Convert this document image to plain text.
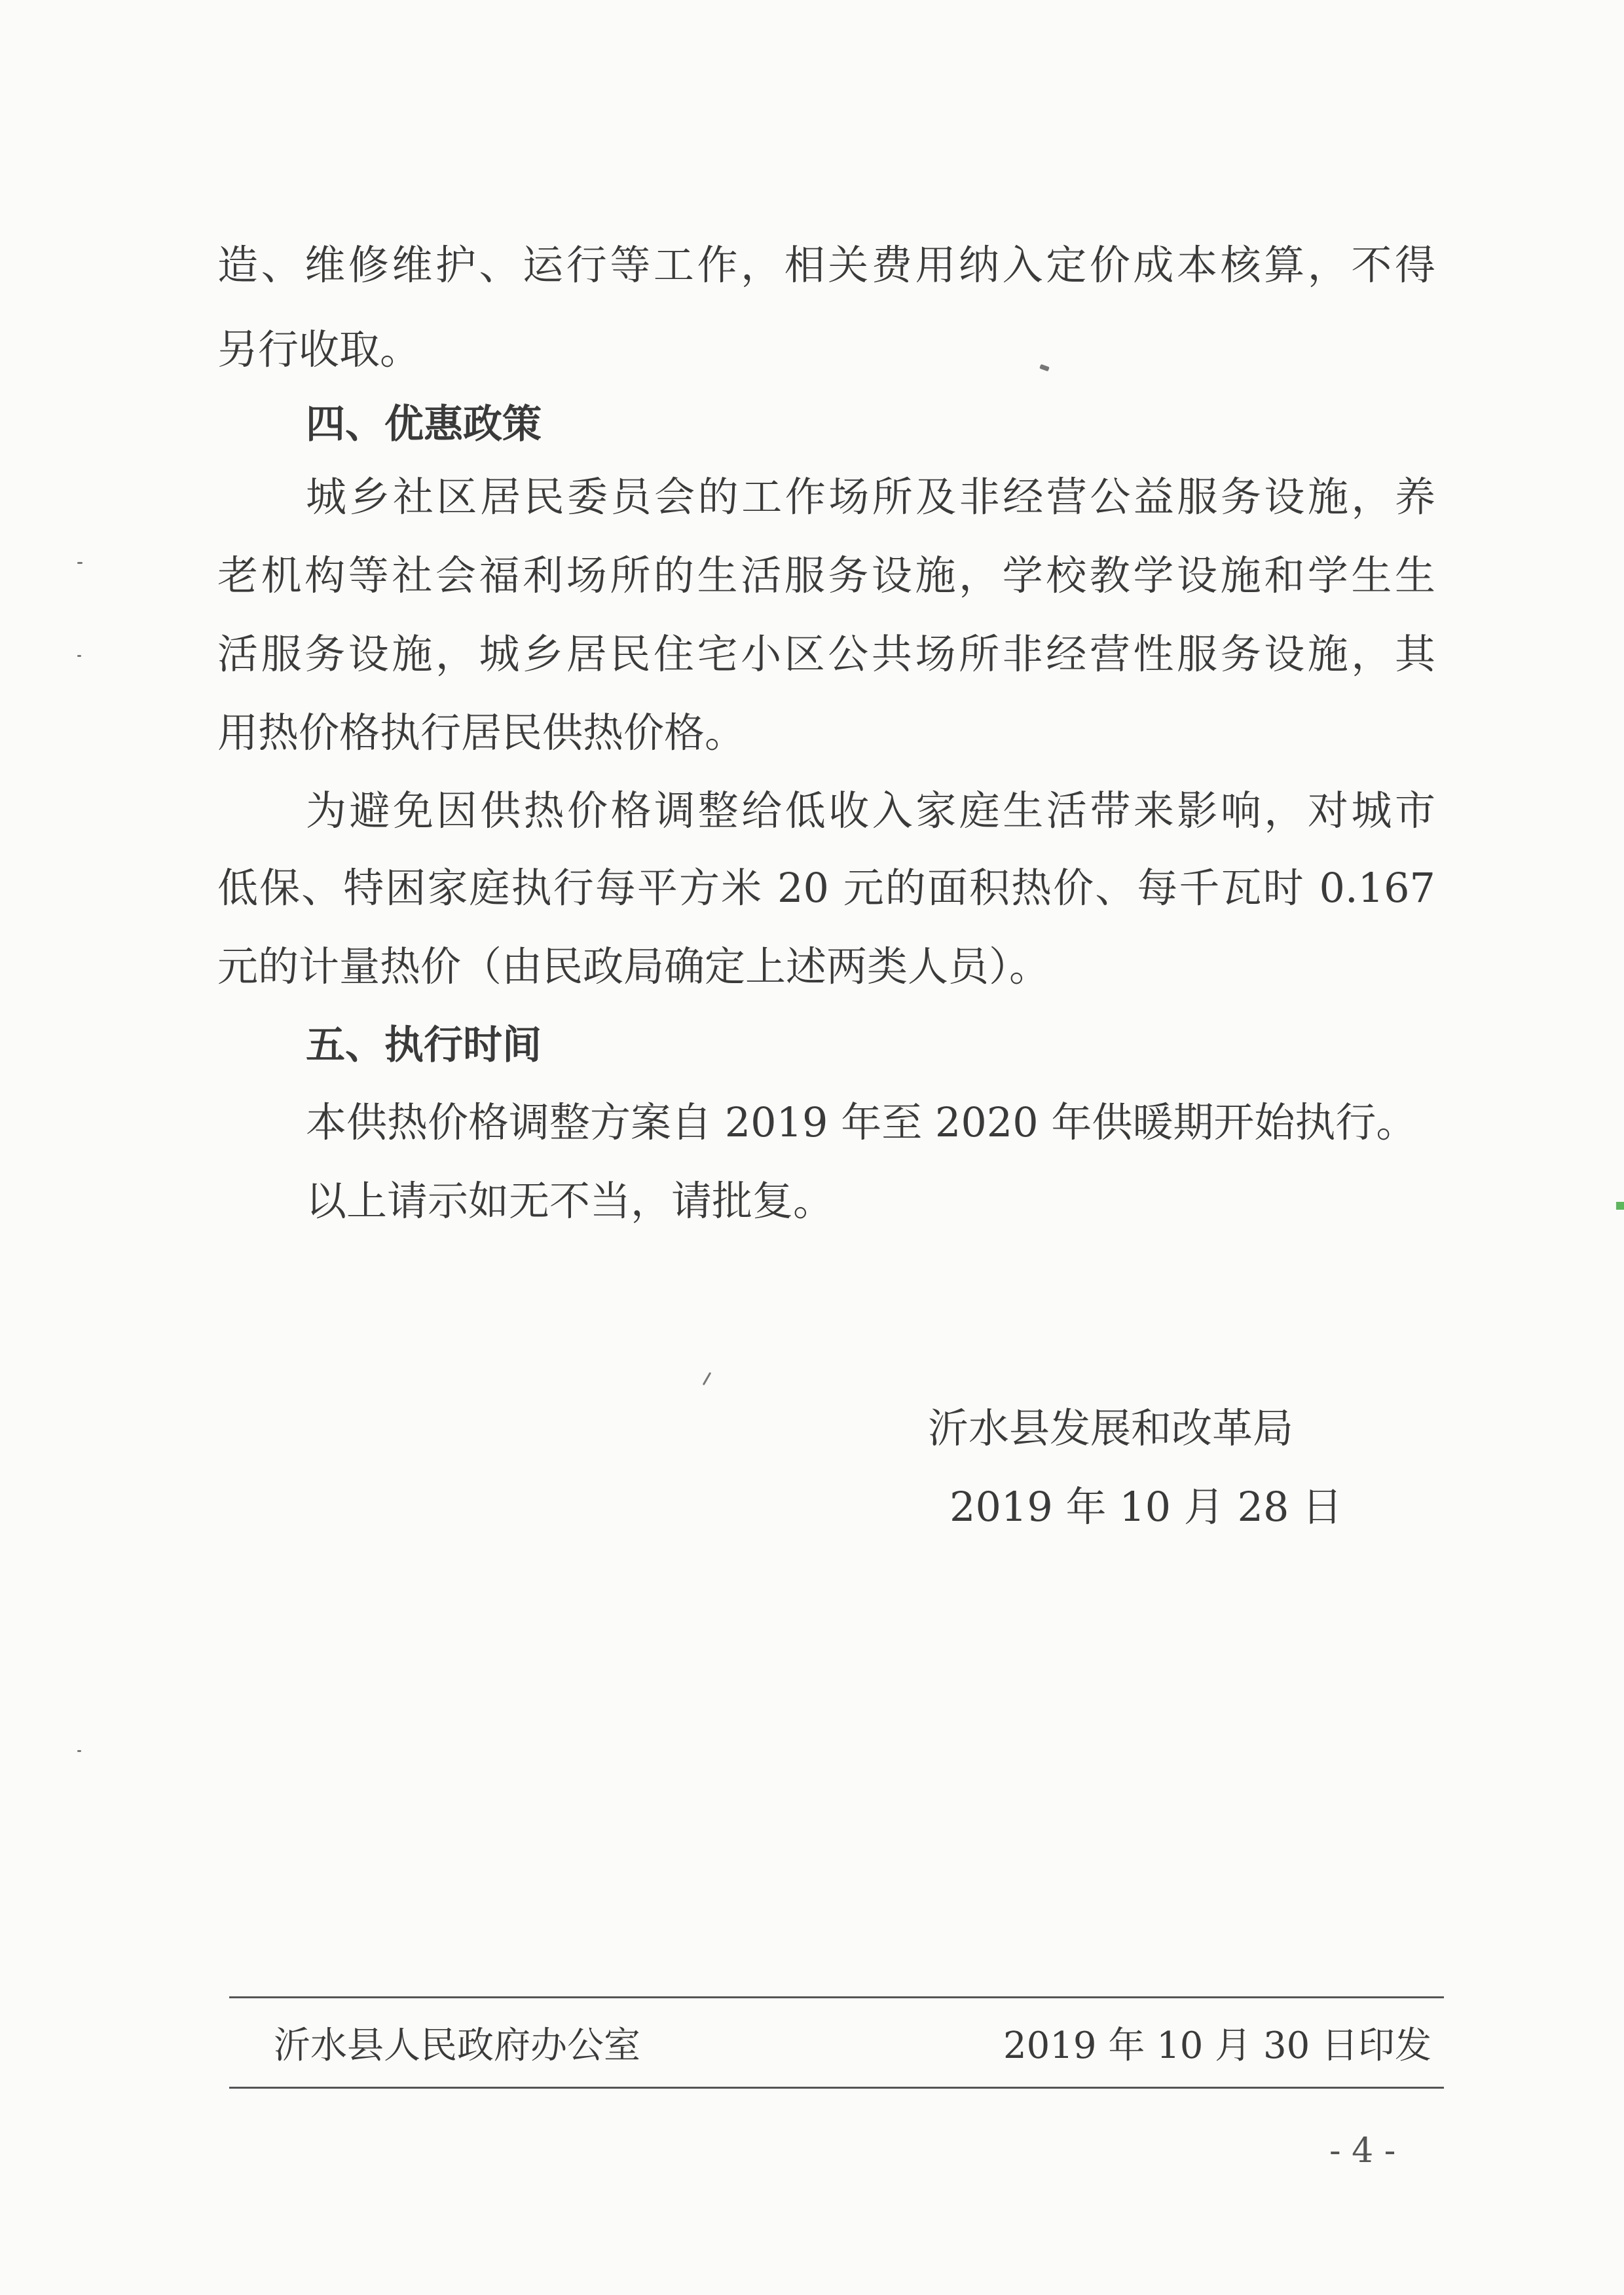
造、维修维护、运行等工作，相关费用纳入定价成本核算，不得
另行收取。
四、优惠政策
城乡社区居民委员会的工作场所及非经营公益服务设施，养
老机构等社会福利场所的生活服务设施，学校教学设施和学生生
活服务设施，城乡居民住宅小区公共场所非经营性服务设施，其
用热价格执行居民供热价格。
为避免因供热价格调整给低收入家庭生活带来影响，对城市
低保、特困家庭执行每平方米 20 元的面积热价、每千瓦时 0.167
元的计量热价（由民政局确定上述两类人员）。
五、执行时间
本供热价格调整方案自 2019 年至 2020 年供暖期开始执行。
以上请示如无不当，请批复。
沂水县发展和改革局
2019 年 10 月 28 日
沂水县人民政府办公室	2019 年 10 月 30 日印发
- 4 -
